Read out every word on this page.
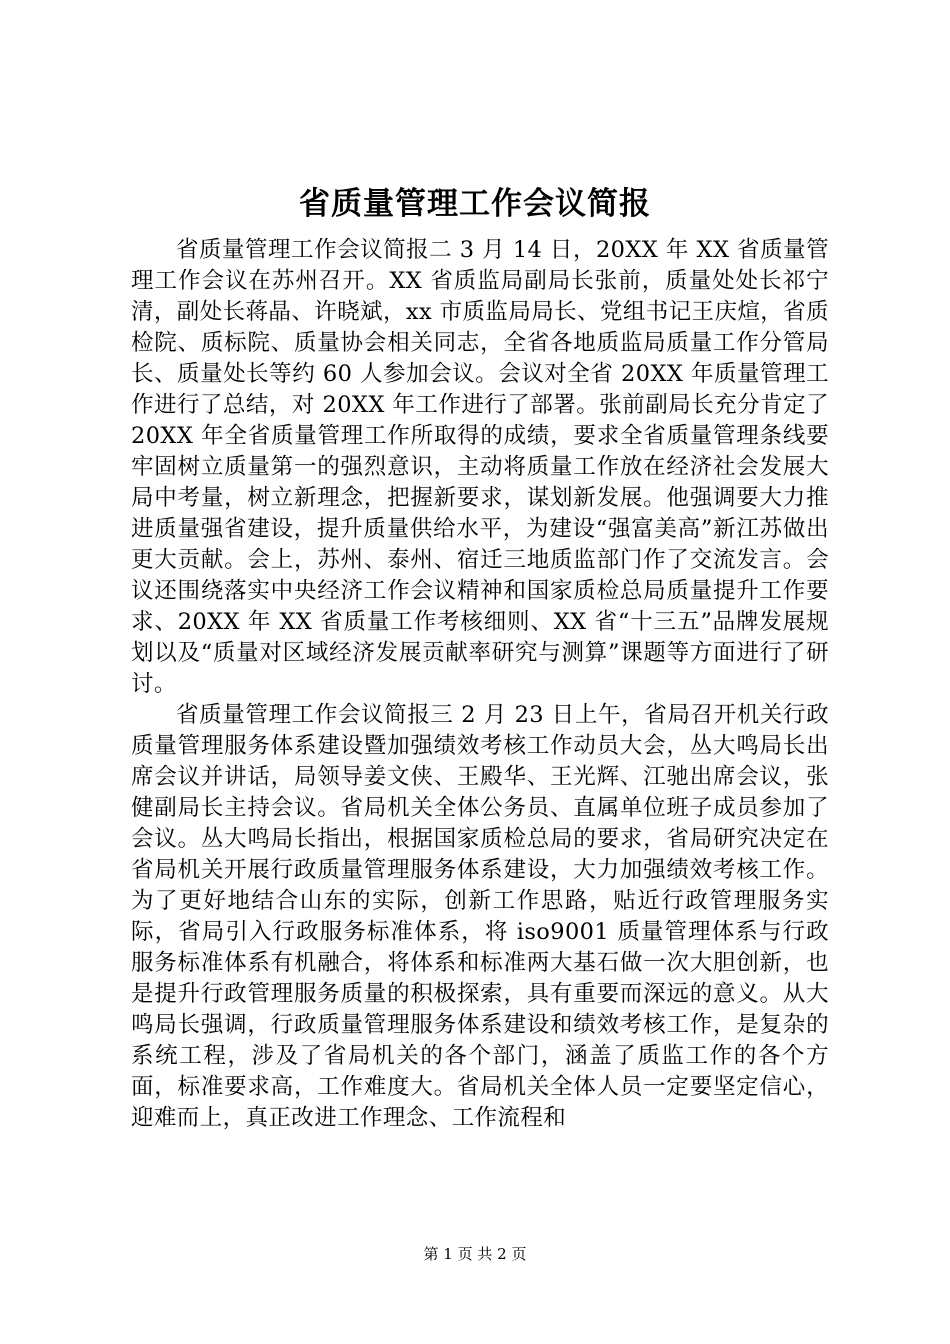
省质量管理工作会议简报

省质量管理工作会议简报二 3 月 14 日，20XX 年 XX 省质量管理工作会议在苏州召开。XX 省质监局副局长张前，质量处处长祁宁清，副处长蒋晶、许晓斌，xx 市质监局局长、党组书记王庆煊，省质检院、质标院、质量协会相关同志，全省各地质监局质量工作分管局长、质量处长等约 60 人参加会议。会议对全省 20XX 年质量管理工作进行了总结，对 20XX 年工作进行了部署。张前副局长充分肯定了 20XX 年全省质量管理工作所取得的成绩，要求全省质量管理条线要牢固树立质量第一的强烈意识，主动将质量工作放在经济社会发展大局中考量，树立新理念，把握新要求，谋划新发展。他强调要大力推进质量强省建设，提升质量供给水平，为建设“强富美高”新江苏做出更大贡献。会上，苏州、泰州、宿迁三地质监部门作了交流发言。会议还围绕落实中央经济工作会议精神和国家质检总局质量提升工作要求、20XX 年 XX 省质量工作考核细则、XX 省“十三五”品牌发展规划以及“质量对区域经济发展贡献率研究与测算”课题等方面进行了研讨。

省质量管理工作会议简报三 2 月 23 日上午，省局召开机关行政质量管理服务体系建设暨加强绩效考核工作动员大会，丛大鸣局长出席会议并讲话，局领导姜文侠、王殿华、王光辉、江驰出席会议，张健副局长主持会议。省局机关全体公务员、直属单位班子成员参加了会议。丛大鸣局长指出，根据国家质检总局的要求，省局研究决定在省局机关开展行政质量管理服务体系建设，大力加强绩效考核工作。为了更好地结合山东的实际，创新工作思路，贴近行政管理服务实际，省局引入行政服务标准体系，将 iso9001 质量管理体系与行政服务标准体系有机融合，将体系和标准两大基石做一次大胆创新，也是提升行政管理服务质量的积极探索，具有重要而深远的意义。从大鸣局长强调，行政质量管理服务体系建设和绩效考核工作，是复杂的系统工程，涉及了省局机关的各个部门，涵盖了质监工作的各个方面，标准要求高，工作难度大。省局机关全体人员一定要坚定信心，迎难而上，真正改进工作理念、工作流程和

第 1 页 共 2 页
